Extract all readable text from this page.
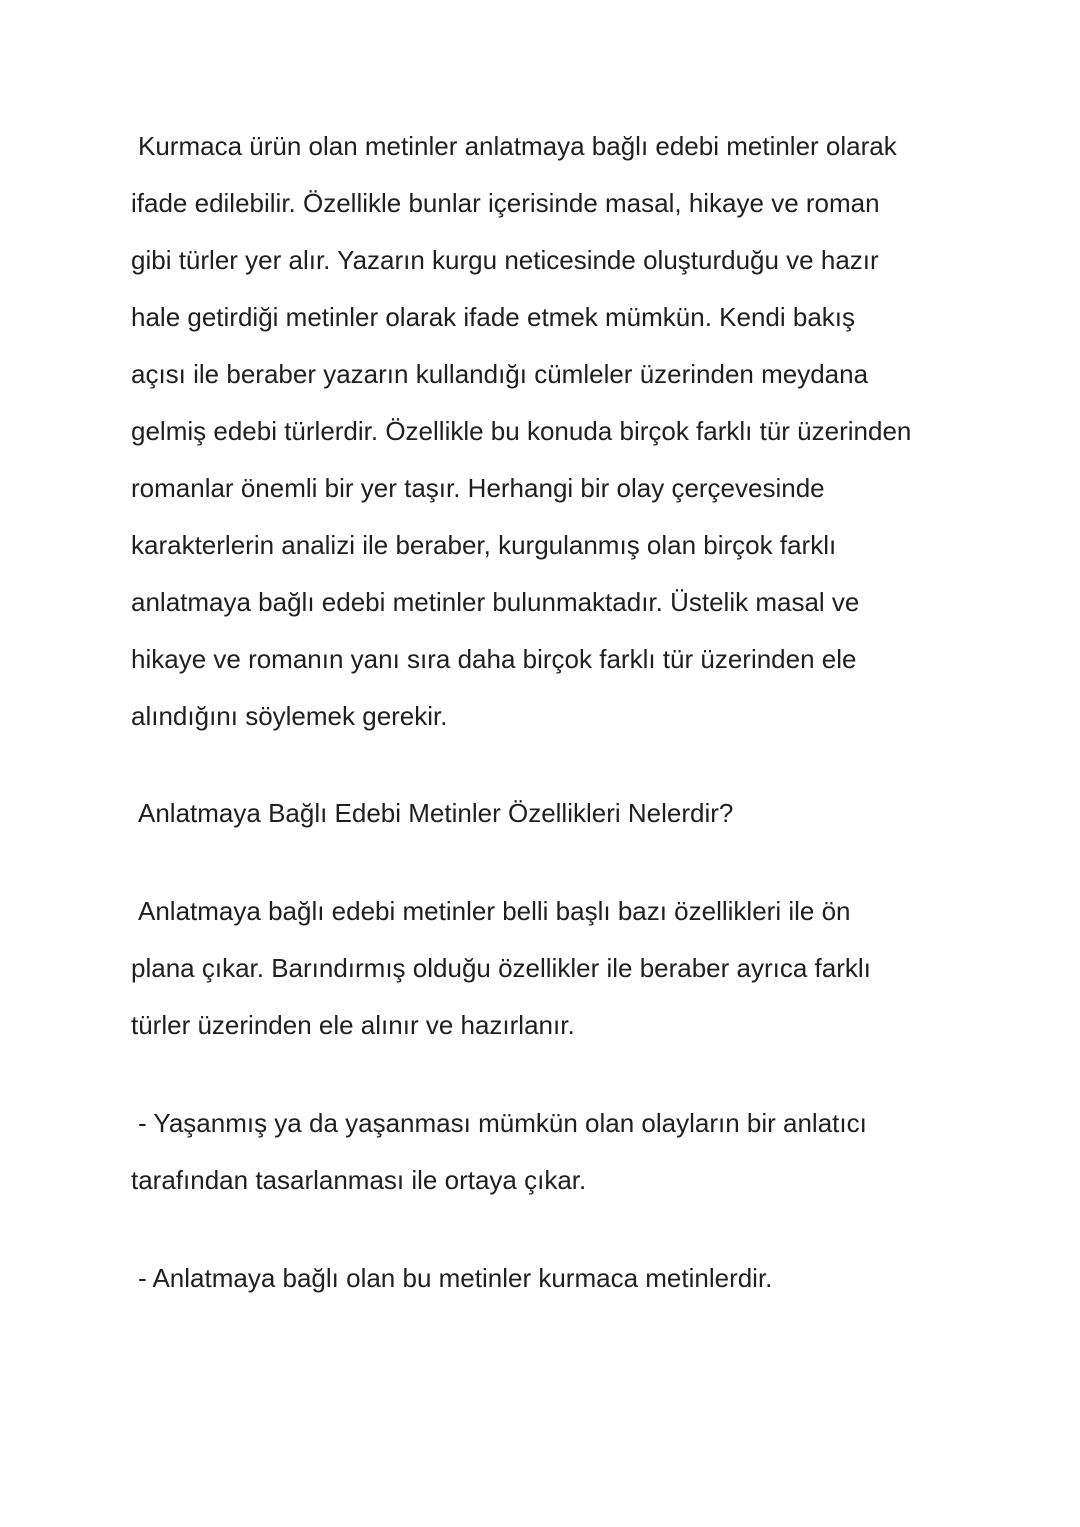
Kurmaca ürün olan metinler anlatmaya bağlı edebi metinler olarak
ifade edilebilir. Özellikle bunlar içerisinde masal, hikaye ve roman
gibi türler yer alır. Yazarın kurgu neticesinde oluşturduğu ve hazır
hale getirdiği metinler olarak ifade etmek mümkün. Kendi bakış
açısı ile beraber yazarın kullandığı cümleler üzerinden meydana
gelmiş edebi türlerdir. Özellikle bu konuda birçok farklı tür üzerinden
romanlar önemli bir yer taşır. Herhangi bir olay çerçevesinde
karakterlerin analizi ile beraber, kurgulanmış olan birçok farklı
anlatmaya bağlı edebi metinler bulunmaktadır. Üstelik masal ve
hikaye ve romanın yanı sıra daha birçok farklı tür üzerinden ele
alındığını söylemek gerekir.
Anlatmaya Bağlı Edebi Metinler Özellikleri Nelerdir?
Anlatmaya bağlı edebi metinler belli başlı bazı özellikleri ile ön
plana çıkar. Barındırmış olduğu özellikler ile beraber ayrıca farklı
türler üzerinden ele alınır ve hazırlanır.
- Yaşanmış ya da yaşanması mümkün olan olayların bir anlatıcı
tarafından tasarlanması ile ortaya çıkar.
- Anlatmaya bağlı olan bu metinler kurmaca metinlerdir.
